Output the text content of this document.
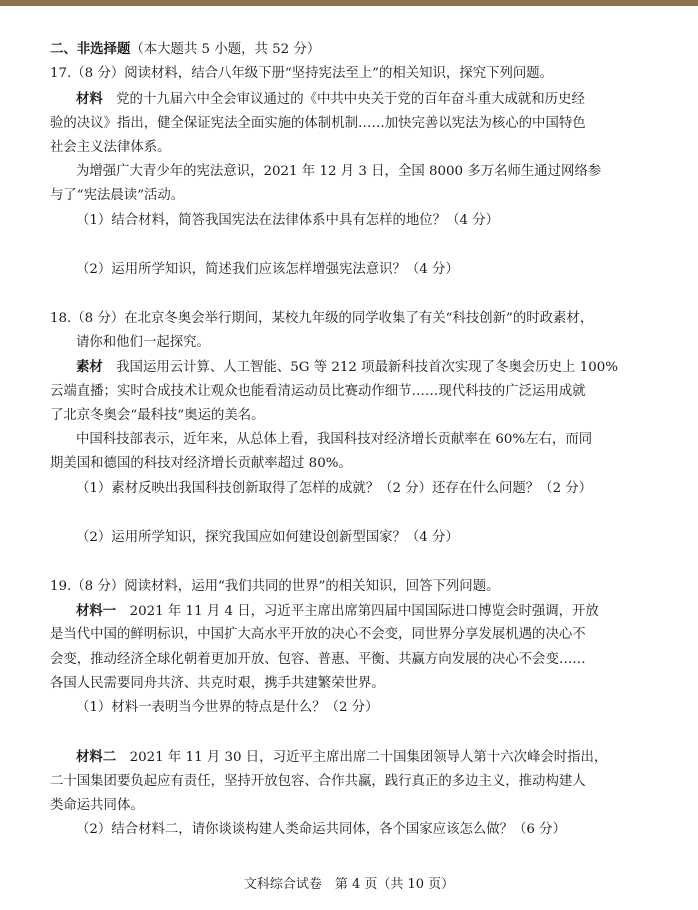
二、非选择题（本大题共 5 小题，共 52 分）
17.（8 分）阅读材料，结合八年级下册“坚持宪法至上”的相关知识，探究下列问题。
材料　 党的十九届六中全会审议通过的《中共中央关于党的百年奋斗重大成就和历史经
验的决议》指出，健全保证宪法全面实施的体制机制……加快完善以宪法为核心的中国特色
社会主义法律体系。
为增强广大青少年的宪法意识，2021 年 12 月 3 日，全国 8000 多万名师生通过网络参
与了“宪法晨读”活动。
（1）结合材料，简答我国宪法在法律体系中具有怎样的地位？（4 分）
（2）运用所学知识，简述我们应该怎样增强宪法意识？（4 分）
18.（8 分）在北京冬奥会举行期间，某校九年级的同学收集了有关“科技创新”的时政素材，
请你和他们一起探究。
素材　 我国运用云计算、人工智能、5G 等 212 项最新科技首次实现了冬奥会历史上 100%
云端直播；实时合成技术让观众也能看清运动员比赛动作细节……现代科技的广泛运用成就
了北京冬奥会“最科技”奥运的美名。
中国科技部表示，近年来，从总体上看，我国科技对经济增长贡献率在 60%左右，而同
期美国和德国的科技对经济增长贡献率超过 80%。
（1）素材反映出我国科技创新取得了怎样的成就？（2 分）还存在什么问题？（2 分）
（2）运用所学知识，探究我国应如何建设创新型国家？（4 分）
19.（8 分）阅读材料，运用“我们共同的世界”的相关知识，回答下列问题。
材料一　 2021 年 11 月 4 日，习近平主席出席第四届中国国际进口博览会时强调，开放
是当代中国的鲜明标识，中国扩大高水平开放的决心不会变，同世界分享发展机遇的决心不
会变，推动经济全球化朝着更加开放、包容、普惠、平衡、共赢方向发展的决心不会变……
各国人民需要同舟共济、共克时艰，携手共建繁荣世界。
（1）材料一表明当今世界的特点是什么？（2 分）
材料二　 2021 年 11 月 30 日，习近平主席出席二十国集团领导人第十六次峰会时指出，
二十国集团要负起应有责任，坚持开放包容、合作共赢，践行真正的多边主义，推动构建人
类命运共同体。
（2）结合材料二，请你谈谈构建人类命运共同体，各个国家应该怎么做？（6 分）
文科综合试卷　第 4 页（共 10 页）
